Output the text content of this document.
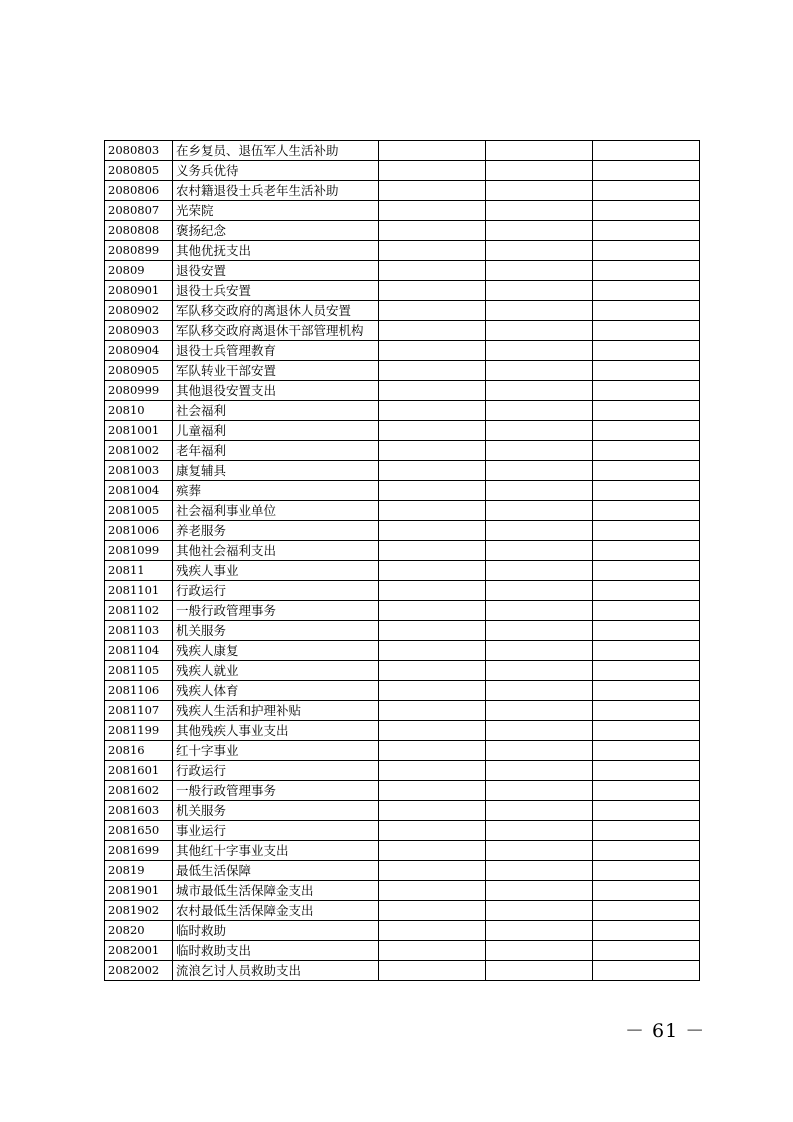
2080803	在乡复员、退伍军人生活补助			
2080805	义务兵优待			
2080806	农村籍退役士兵老年生活补助			
2080807	光荣院			
2080808	褒扬纪念			
2080899	其他优抚支出			
20809	退役安置			
2080901	退役士兵安置			
2080902	军队移交政府的离退休人员安置			
2080903	军队移交政府离退休干部管理机构			
2080904	退役士兵管理教育			
2080905	军队转业干部安置			
2080999	其他退役安置支出			
20810	社会福利			
2081001	儿童福利			
2081002	老年福利			
2081003	康复辅具			
2081004	殡葬			
2081005	社会福利事业单位			
2081006	养老服务			
2081099	其他社会福利支出			
20811	残疾人事业			
2081101	行政运行			
2081102	一般行政管理事务			
2081103	机关服务			
2081104	残疾人康复			
2081105	残疾人就业			
2081106	残疾人体育			
2081107	残疾人生活和护理补贴			
2081199	其他残疾人事业支出			
20816	红十字事业			
2081601	行政运行			
2081602	一般行政管理事务			
2081603	机关服务			
2081650	事业运行			
2081699	其他红十字事业支出			
20819	最低生活保障			
2081901	城市最低生活保障金支出			
2081902	农村最低生活保障金支出			
20820	临时救助			
2082001	临时救助支出			
2082002	流浪乞讨人员救助支出			
－ 61 －
